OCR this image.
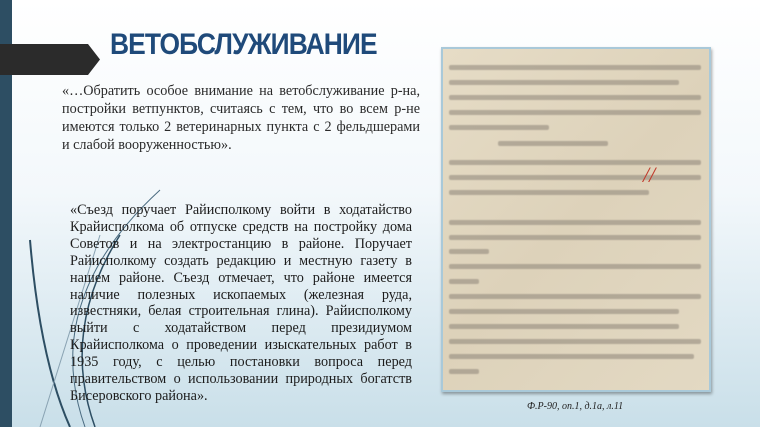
ВЕТОБСЛУЖИВАНИЕ
«…Обратить особое внимание на ветобслуживание р-на, постройки ветпунктов, считаясь с тем, что во всем р-не имеются только 2 ветеринарных пункта с 2 фельдшерами и слабой вооруженностью».
«Съезд поручает Райисполкому войти в ходатайство Крайисполкома об отпуске средств на постройку дома Советов и на электростанцию в районе. Поручает Райисполкому создать редакцию и местную газету в нашем районе. Съезд отмечает, что районе имеется наличие полезных ископаемых (железная руда, известняки, белая строительная глина). Райисполкому выйти с ходатайством перед президиумом Крайисполкома о проведении изыскательных работ в 1935 году, с целью постановки вопроса перед правительством о использовании природных богатств Бисеровского района».
//
Ф.Р-90, оп.1, д.1а, л.11
